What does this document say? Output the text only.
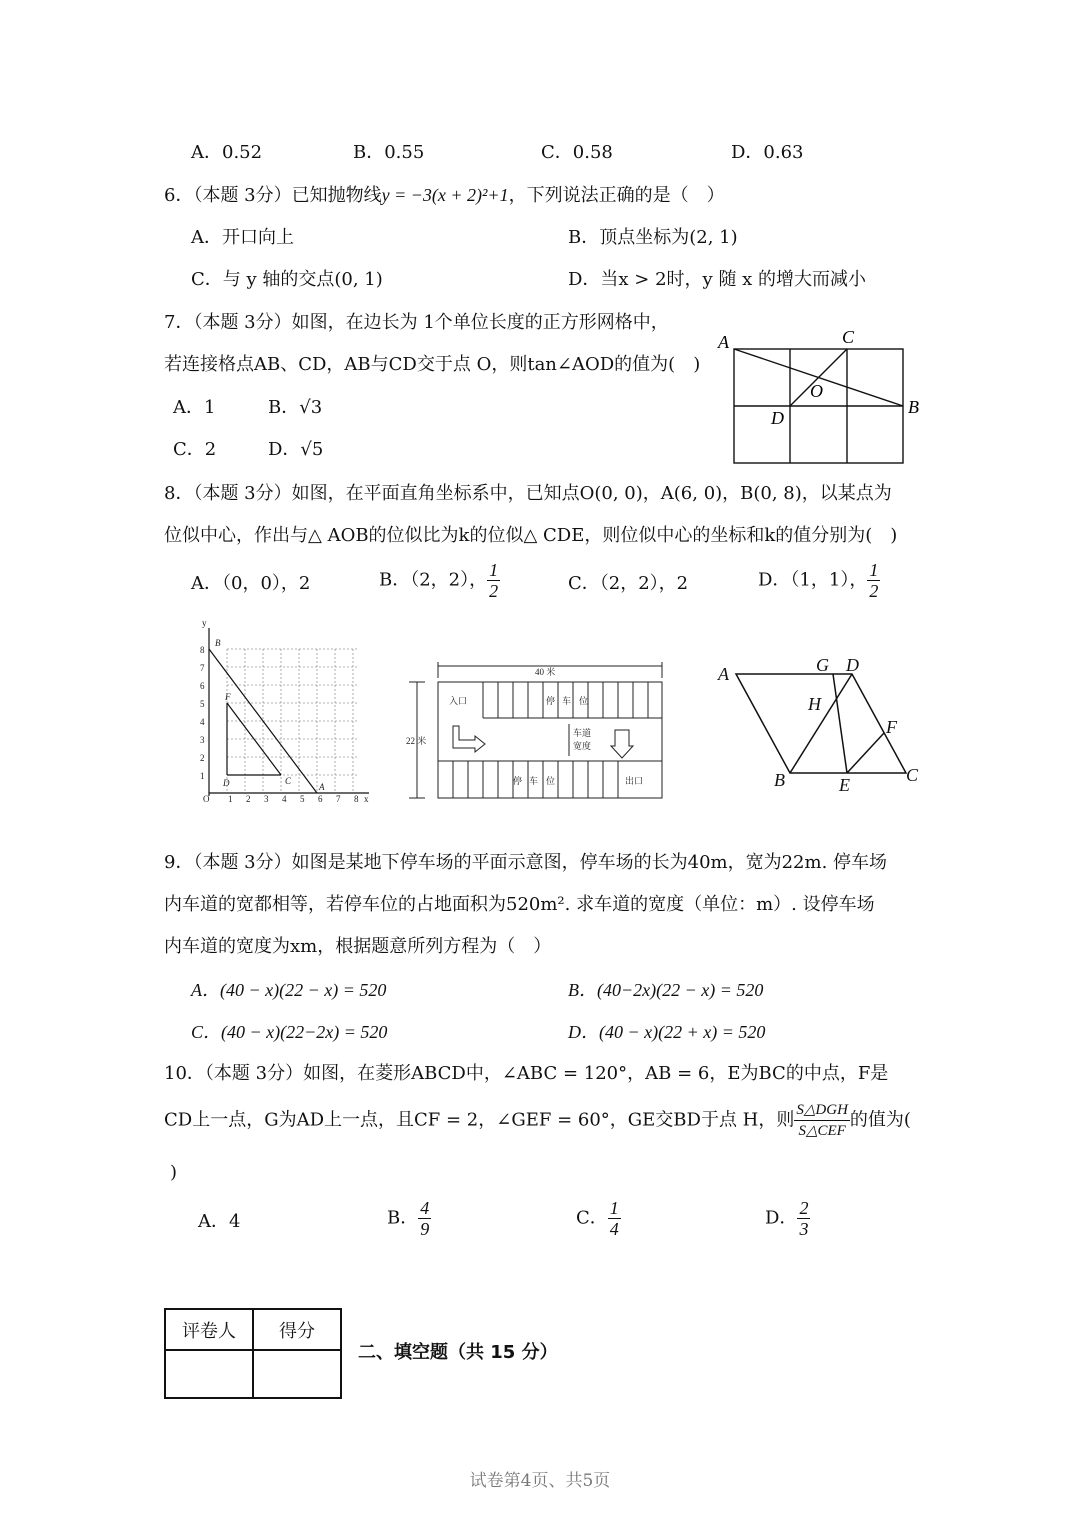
A．0.52	B．0.55	C．0.58	D．0.63
6．（本题 3分）已知抛物线y = −3(x + 2)²+1，下列说法正确的是（　）
A．开口向上	B．顶点坐标为(2, 1)
C．与 y 轴的交点(0, 1)	D．当x > 2时，y 随 x 的增大而减小
7．（本题 3分）如图，在边长为 1个单位长度的正方形网格中，
若连接格点AB、CD，AB与CD交于点 O，则tan∠AOD的值为(　)
A．1	B．√3
C．2	D．√5
A	C
O
B
D
8．（本题 3分）如图，在平面直角坐标系中，已知点O(0, 0)，A(6, 0)，B(0, 8)，以某点为
位似中心，作出与△ AOB的位似比为k的位似△ CDE，则位似中心的坐标和k的值分别为(　)
A．（0，0），2	B．（2，2）， $\frac{1}{2}$	C．（2，2），2	D．（1，1）， $\frac{1}{2}$
y
x
O
1
2
3
4
5
6
7
8
1 2 3 4 5 6 7 8
B
F
D	C
A
40 米
22 米
入口
出口
车道
宽度
停 车 位
停 车 位
A	G D
H
F
B	E	C
9．（本题 3分）如图是某地下停车场的平面示意图，停车场的长为40m，宽为22m. 停车场
内车道的宽都相等，若停车位的占地面积为520m². 求车道的宽度（单位：m）. 设停车场
内车道的宽度为xm，根据题意所列方程为（　）
A．(40 − x)(22 − x) = 520	B．(40−2x)(22 − x) = 520
C．(40 − x)(22−2x) = 520	D．(40 − x)(22 + x) = 520
10．（本题 3分）如图，在菱形ABCD中，∠ABC = 120°，AB = 6，E为BC的中点，F是
CD上一点，G为AD上一点，且CF = 2，∠GEF = 60°，GE交BD于点 H，则 $\frac{\text{S△DGH}}{\text{S△CEF}}$ 的值为(
)
A．4	B． $\frac{4}{9}$	C． $\frac{1}{4}$	D． $\frac{2}{3}$
评卷人	得分

二、填空题（共 15 分）
试卷第4页、共5页
